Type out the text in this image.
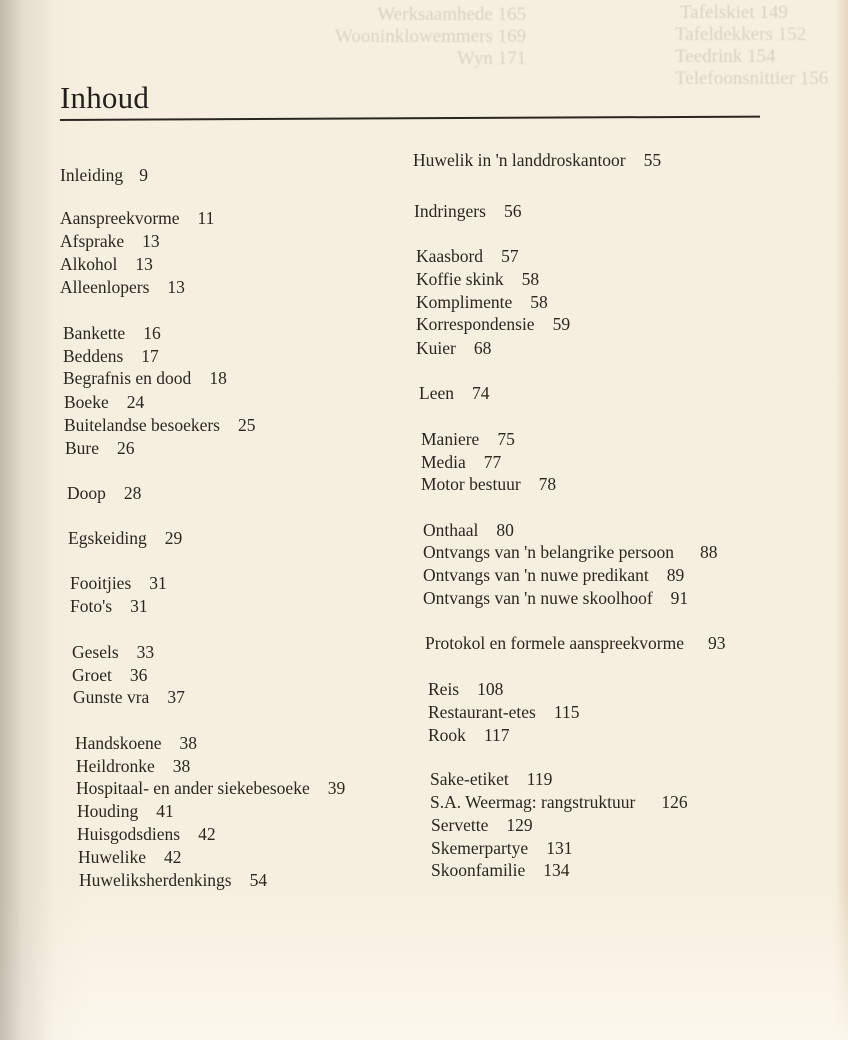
Werksaamhede 165
Wooninklowemmers 169
Wyn 171
Tafelskiet 149
Tafeldekkers 152
Teedrink 154
Telefoonsnittier 156
Inhoud
Inleiding 9
Aanspreekvorme 11
Afsprake 13
Alkohol 13
Alleenlopers 13
Bankette 16
Beddens 17
Begrafnis en dood 18
Boeke 24
Buitelandse besoekers 25
Bure 26
Doop 28
Egskeiding 29
Fooitjies 31
Foto's 31
Gesels 33
Groet 36
Gunste vra 37
Handskoene 38
Heildronke 38
Hospitaal- en ander siekebesoeke 39
Houding 41
Huisgodsdiens 42
Huwelike 42
Huweliksherdenkings 54
Huwelik in 'n landdroskantoor 55
Indringers 56
Kaasbord 57
Koffie skink 58
Komplimente 58
Korrespondensie 59
Kuier 68
Leen 74
Maniere 75
Media 77
Motor bestuur 78
Onthaal 80
Ontvangs van 'n belangrike persoon 88
Ontvangs van 'n nuwe predikant 89
Ontvangs van 'n nuwe skoolhoof 91
Protokol en formele aanspreekvorme 93
Reis 108
Restaurant-etes 115
Rook 117
Sake-etiket 119
S.A. Weermag: rangstruktuur 126
Servette 129
Skemerpartye 131
Skoonfamilie 134
